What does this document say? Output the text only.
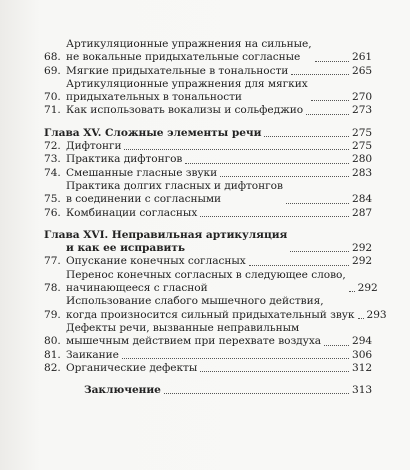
68.
Артикуляционные упражнения на сильные,
не вокальные придыхательные согласные	261
69. Мягкие придыхательные в тональности	265
70.
Артикуляционные упражнения для мягких
придыхательных в тональности	270
71. Как использовать вокализы и сольфеджио	273
Глава XV. Сложные элементы речи	275
72. Дифтонги	275
73. Практика дифтонгов	280
74. Смешанные гласные звуки	283
75.
Практика долгих гласных и дифтонгов
в соединении с согласными	284
76. Комбинации согласных	287
Глава XVI. Неправильная артикуляция
и как ее исправить	292
77. Опускание конечных согласных	292
78.
Перенос конечных согласных в следующее слово,
начинающееся с гласной	292
79.
Использование слабого мышечного действия,
когда произносится сильный придыхательный звук 293
80.
Дефекты речи, вызванные неправильным
мышечным действием при перехвате воздуха	294
81. Заикание	306
82. Органические дефекты	312
Заключение	313
